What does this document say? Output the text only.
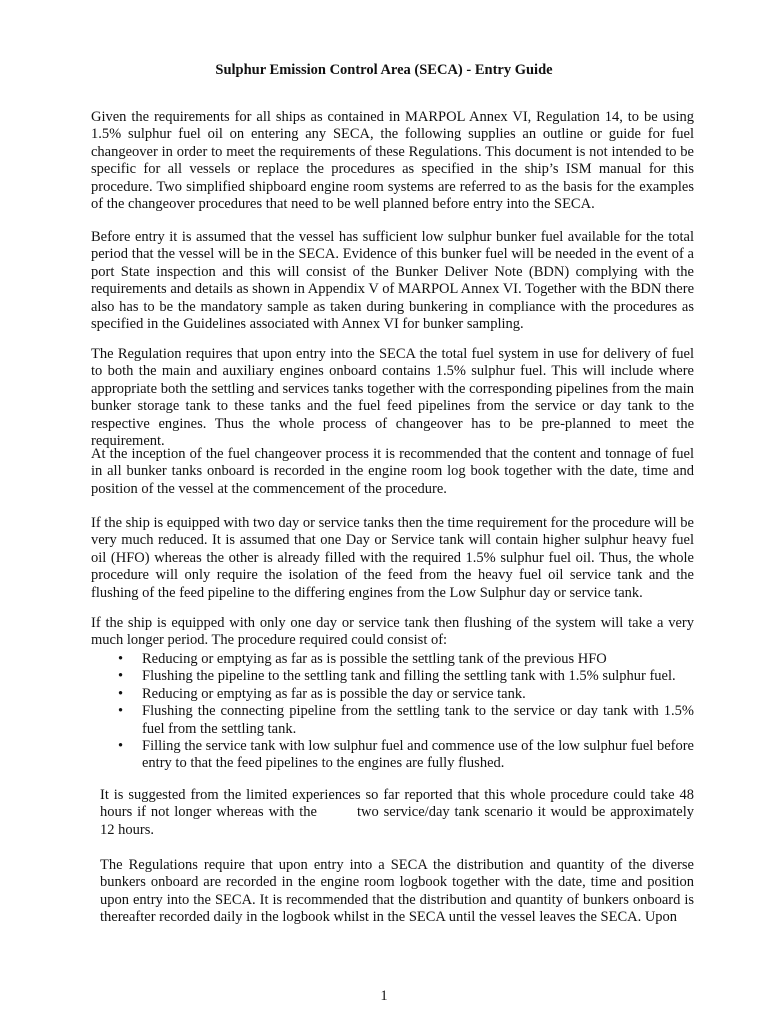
Sulphur Emission Control Area (SECA) - Entry Guide

Given the requirements for all ships as contained in MARPOL Annex VI, Regulation 14, to be using 1.5% sulphur fuel oil on entering any SECA, the following supplies an outline or guide for fuel changeover in order to meet the requirements of these Regulations. This document is not intended to be specific for all vessels or replace the procedures as specified in the ship’s ISM manual for this procedure. Two simplified shipboard engine room systems are referred to as the basis for the examples of the changeover procedures that need to be well planned before entry into the SECA.

Before entry it is assumed that the vessel has sufficient low sulphur bunker fuel available for the total period that the vessel will be in the SECA. Evidence of this bunker fuel will be needed in the event of a port State inspection and this will consist of the Bunker Deliver Note (BDN) complying with the requirements and details as shown in Appendix V of MARPOL Annex VI. Together with the BDN there also has to be the mandatory sample as taken during bunkering in compliance with the procedures as specified in the Guidelines associated with Annex VI for bunker sampling.

The Regulation requires that upon entry into the SECA the total fuel system in use for delivery of fuel to both the main and auxiliary engines onboard contains 1.5% sulphur fuel. This will include where appropriate both the settling and services tanks together with the corresponding pipelines from the main bunker storage tank to these tanks and the fuel feed pipelines from the service or day tank to the respective engines. Thus the whole process of changeover has to be pre-planned to meet the requirement.

At the inception of the fuel changeover process it is recommended that the content and tonnage of fuel in all bunker tanks onboard is recorded in the engine room log book together with the date, time and position of the vessel at the commencement of the procedure.

If the ship is equipped with two day or service tanks then the time requirement for the procedure will be very much reduced. It is assumed that one Day or Service tank will contain higher sulphur heavy fuel oil (HFO) whereas the other is already filled with the required 1.5% sulphur fuel oil. Thus, the whole procedure will only require the isolation of the feed from the heavy fuel oil service tank and the flushing of the feed pipeline to the differing engines from the Low Sulphur day or service tank.

If the ship is equipped with only one day or service tank then flushing of the system will take a very much longer period. The procedure required could consist of:

• Reducing or emptying as far as is possible the settling tank of the previous HFO
• Flushing the pipeline to the settling tank and filling the settling tank with 1.5% sulphur fuel.
• Reducing or emptying as far as is possible the day or service tank.
• Flushing the connecting pipeline from the settling tank to the service or day tank with 1.5% fuel from the settling tank.
• Filling the service tank with low sulphur fuel and commence use of the low sulphur fuel before entry to that the feed pipelines to the engines are fully flushed.

It is suggested from the limited experiences so far reported that this whole procedure could take 48 hours if not longer whereas with the	two service/day tank scenario it would be approximately 12 hours.

The Regulations require that upon entry into a SECA the distribution and quantity of the diverse bunkers onboard are recorded in the engine room logbook together with the date, time and position upon entry into the SECA. It is recommended that the distribution and quantity of bunkers onboard is thereafter recorded daily in the logbook whilst in the SECA until the vessel leaves the SECA. Upon

1
